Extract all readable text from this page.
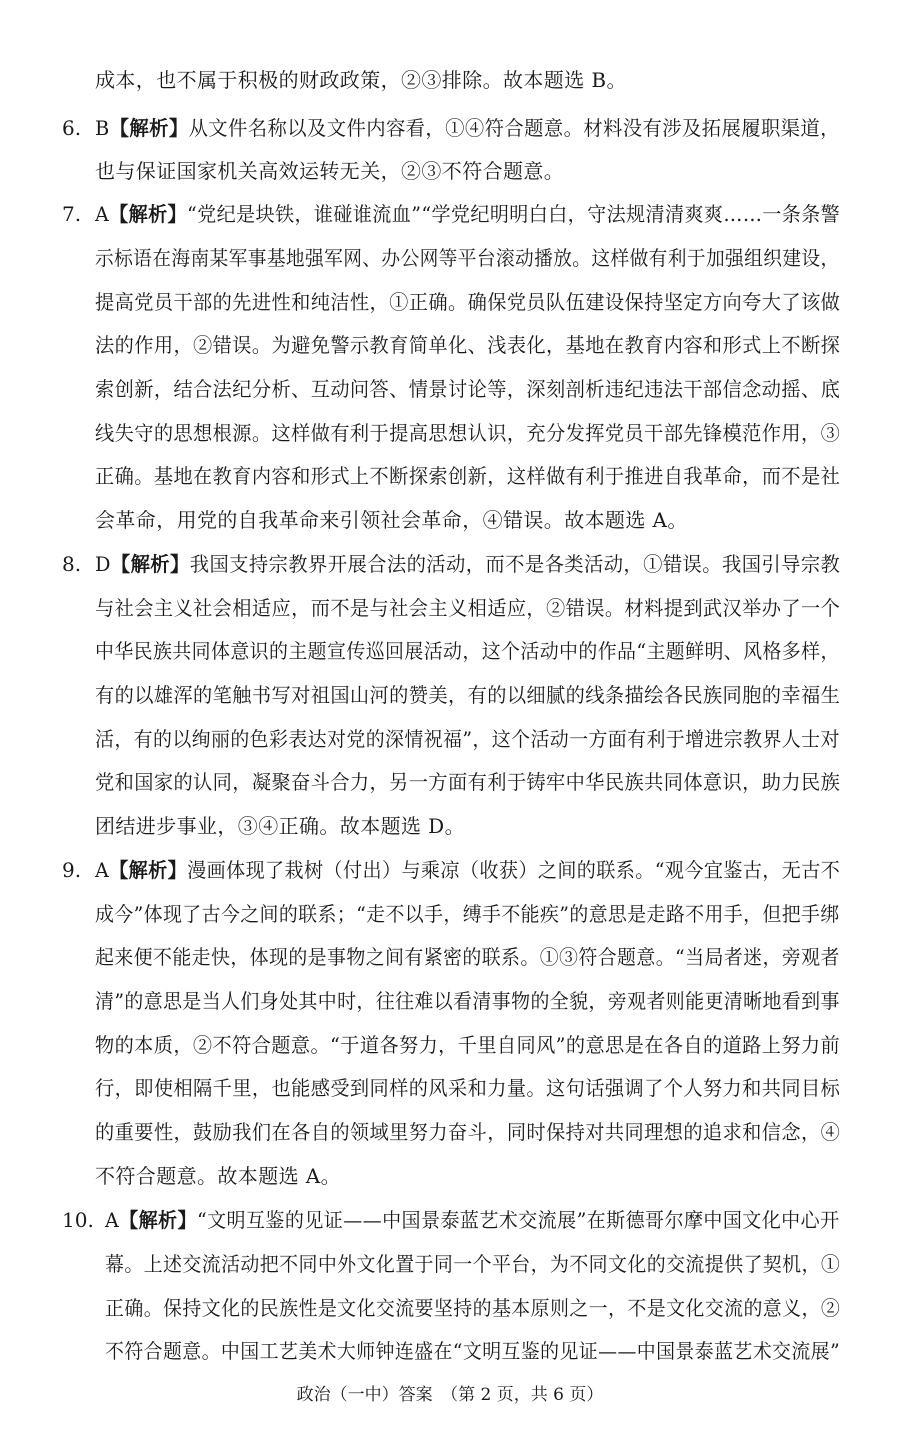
成本，也不属于积极的财政政策，②③排除。故本题选 B。
6. B【解析】从文件名称以及文件内容看，①④符合题意。材料没有涉及拓展履职渠道，
也与保证国家机关高效运转无关，②③不符合题意。
7. A【解析】“党纪是块铁，谁碰谁流血”“学党纪明明白白，守法规清清爽爽……一条条警
示标语在海南某军事基地强军网、办公网等平台滚动播放。这样做有利于加强组织建设，
提高党员干部的先进性和纯洁性，①正确。确保党员队伍建设保持坚定方向夸大了该做
法的作用，②错误。为避免警示教育简单化、浅表化，基地在教育内容和形式上不断探
索创新，结合法纪分析、互动问答、情景讨论等，深刻剖析违纪违法干部信念动摇、底
线失守的思想根源。这样做有利于提高思想认识，充分发挥党员干部先锋模范作用，③
正确。基地在教育内容和形式上不断探索创新，这样做有利于推进自我革命，而不是社
会革命，用党的自我革命来引领社会革命，④错误。故本题选 A。
8. D【解析】我国支持宗教界开展合法的活动，而不是各类活动，①错误。我国引导宗教
与社会主义社会相适应，而不是与社会主义相适应，②错误。材料提到武汉举办了一个
中华民族共同体意识的主题宣传巡回展活动，这个活动中的作品“主题鲜明、风格多样，
有的以雄浑的笔触书写对祖国山河的赞美，有的以细腻的线条描绘各民族同胞的幸福生
活，有的以绚丽的色彩表达对党的深情祝福”，这个活动一方面有利于增进宗教界人士对
党和国家的认同，凝聚奋斗合力，另一方面有利于铸牢中华民族共同体意识，助力民族
团结进步事业，③④正确。故本题选 D。
9. A【解析】漫画体现了栽树（付出）与乘凉（收获）之间的联系。“观今宜鉴古，无古不
成今”体现了古今之间的联系；“走不以手，缚手不能疾”的意思是走路不用手，但把手绑
起来便不能走快，体现的是事物之间有紧密的联系。①③符合题意。“当局者迷，旁观者
清”的意思是当人们身处其中时，往往难以看清事物的全貌，旁观者则能更清晰地看到事
物的本质，②不符合题意。“于道各努力，千里自同风”的意思是在各自的道路上努力前
行，即使相隔千里，也能感受到同样的风采和力量。这句话强调了个人努力和共同目标
的重要性，鼓励我们在各自的领域里努力奋斗，同时保持对共同理想的追求和信念，④
不符合题意。故本题选 A。
10. A【解析】“文明互鉴的见证——中国景泰蓝艺术交流展”在斯德哥尔摩中国文化中心开
幕。上述交流活动把不同中外文化置于同一个平台，为不同文化的交流提供了契机，①
正确。保持文化的民族性是文化交流要坚持的基本原则之一，不是文化交流的意义，②
不符合题意。中国工艺美术大师钟连盛在“文明互鉴的见证——中国景泰蓝艺术交流展”
政治（一中）答案　（第 2 页，共 6 页）
